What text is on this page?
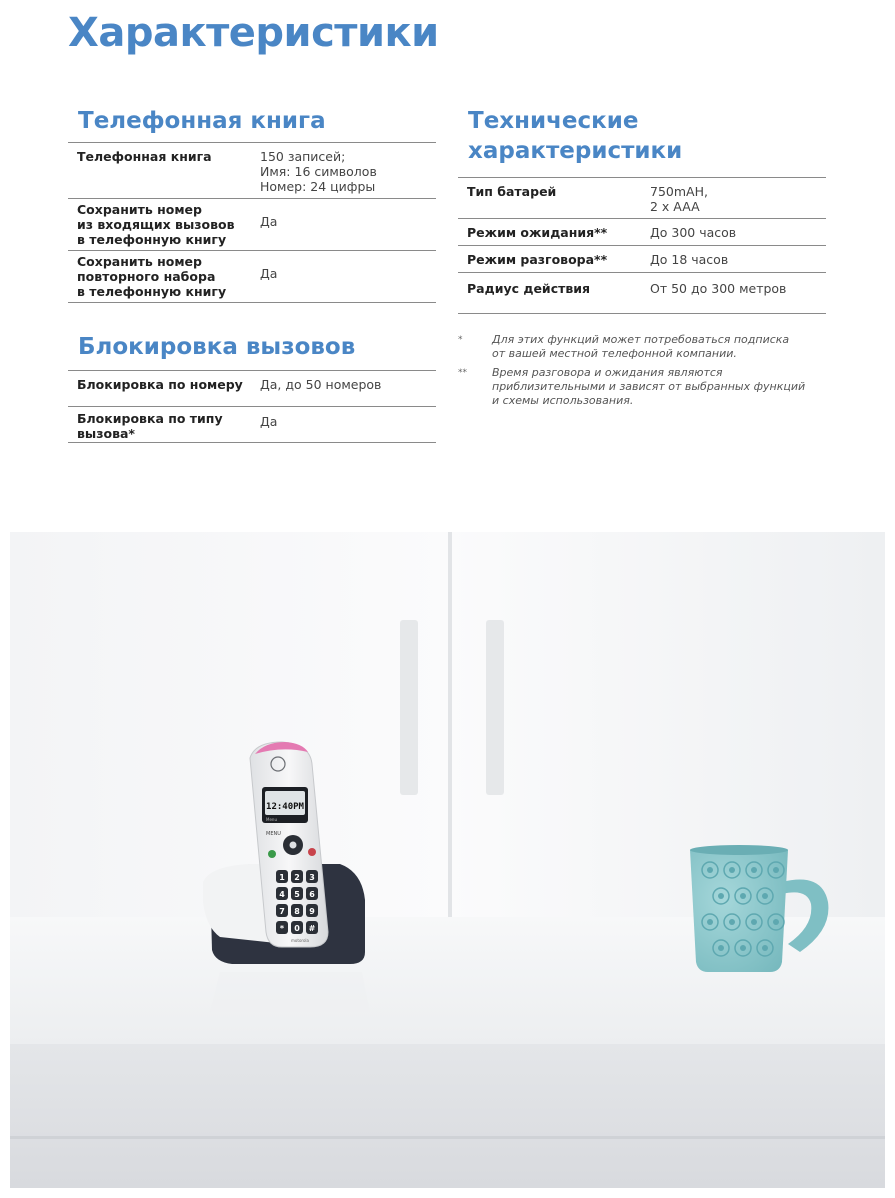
Характеристики
Телефонная книга
Телефонная книга	150 записей;
Имя: 16 символов
Номер: 24 цифры
Сохранить номер
из входящих вызовов
в телефонную книгу	Да
Сохранить номер
повторного набора
в телефонную книгу	Да
Блокировка вызовов
Блокировка по номеру	Да, до 50 номеров
Блокировка по типу
вызова*	Да
Технические
характеристики
Тип батарей	750mAH,
2 x AAA
Режим ожидания**	До 300 часов
Режим разговора**	До 18 часов
Радиус действия	От 50 до 300 метров
*	Для этих функций может потребоваться подписка
от вашей местной телефонной компании.
**	Время разговора и ожидания являются
приблизительными и зависят от выбранных функций
и схемы использования.
12:40PM
Menu
MENU
1 2 3
4 5 6
7 8 9
* 0 #
motorola
